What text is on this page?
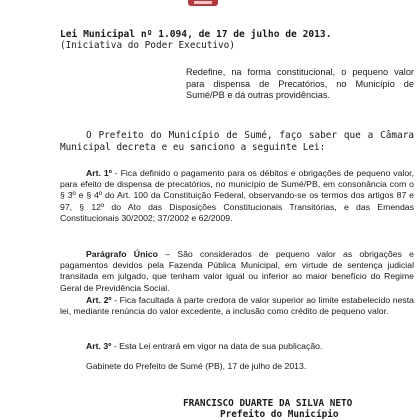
Lei Municipal nº 1.094, de 17 de julho de 2013.
(Iniciativa do Poder Executivo)
Redefine, na forma constitucional, o pequeno valor para dispensa de Precatórios, no Município de Sumé/PB e dá outras providências.
O Prefeito do Município de Sumé, faço saber que a Câmara Municipal decreta e eu sanciono a seguinte Lei:
Art. 1º - Fica definido o pagamento para os débitos e obrigações de pequeno valor, para efeito de dispensa de precatórios, no município de Sumé/PB, em consonância com o § 3º e § 4º do Art. 100 da Constituição Federal, observando-se os termos dos artigos 87 e 97, § 12º do Ato das Disposições Constitucionais Transitórias, e das Emendas Constitucionais 30/2002; 37/2002 e 62/2009.
Parágrafo Único – São considerados de pequeno valor as obrigações e pagamentos devidos pela Fazenda Pública Municipal, em virtude de sentença judicial transitada em julgado, que tenham valor igual ou inferior ao maior benefício do Regime Geral de Previdência Social.
Art. 2º - Fica facultada à parte credora de valor superior ao limite estabelecido nesta lei, mediante renúncia do valor excedente, a inclusão como crédito de pequeno valor.
Art. 3º - Esta Lei entrará em vigor na data de sua publicação.
Gabinete do Prefeito de Sumé (PB), 17 de julho de 2013.
FRANCISCO DUARTE DA SILVA NETO
Prefeito do Município
